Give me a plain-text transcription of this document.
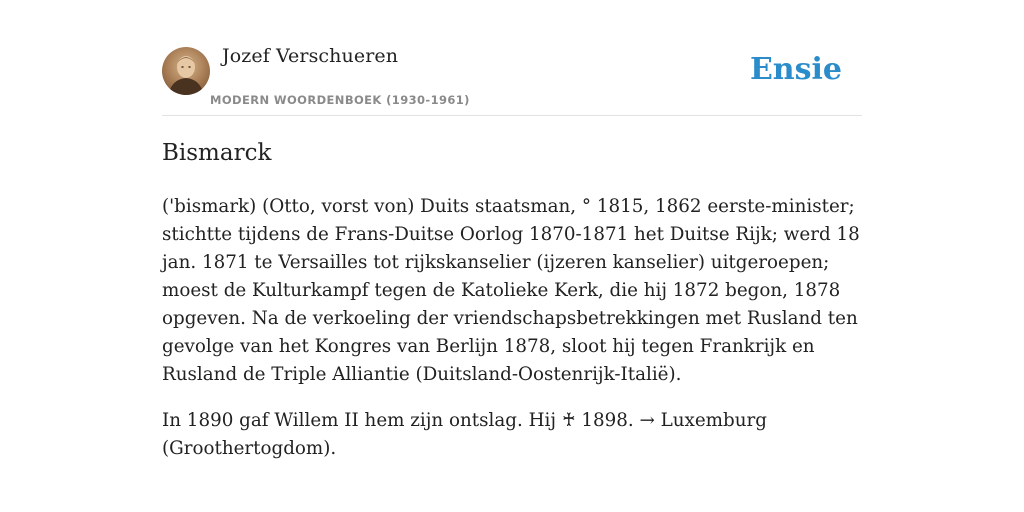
Jozef Verschueren
MODERN WOORDENBOEK (1930-1961)
Ensie
Bismarck

('bismark) (Otto, vorst von) Duits staatsman, ° 1815, 1862 eerste-minister; stichtte tijdens de Frans-Duitse Oorlog 1870-1871 het Duitse Rijk; werd 18 jan. 1871 te Versailles tot rijkskanselier (ijzeren kanselier) uitgeroepen; moest de Kulturkampf tegen de Katolieke Kerk, die hij 1872 begon, 1878 opgeven. Na de verkoeling der vriendschapsbetrekkingen met Rusland ten gevolge van het Kongres van Berlijn 1878, sloot hij tegen Frankrijk en Rusland de Triple Alliantie (Duitsland-Oostenrijk-Italië).

In 1890 gaf Willem II hem zijn ontslag. Hij ♰ 1898. → Luxemburg (Groothertogdom).
